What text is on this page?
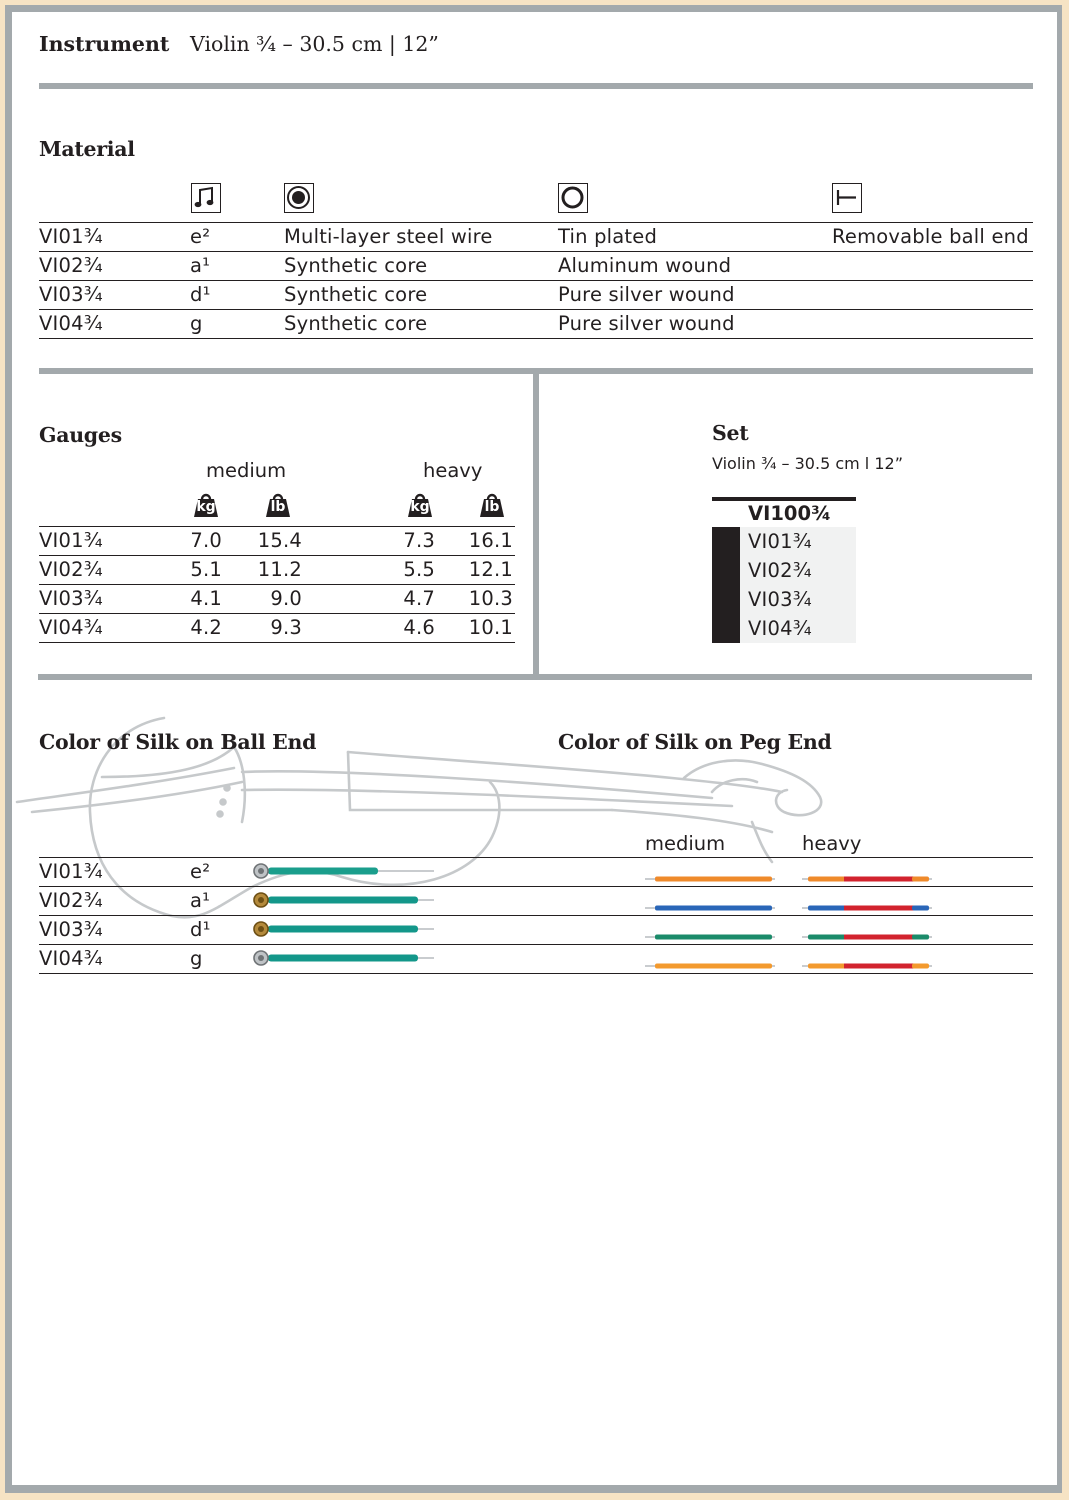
Instrument Violin ¾ – 30.5 cm | 12”
Material
VI01¾	e²	Multi-layer steel wire	Tin plated	Removable ball end
VI02¾	a¹	Synthetic core	Aluminum wound
VI03¾	d¹	Synthetic core	Pure silver wound
VI04¾	g	Synthetic core	Pure silver wound
Gauges
medium	heavy
kg	lb	kg	lb
VI01¾	7.0	15.4	7.3	16.1
VI02¾	5.1	11.2	5.5	12.1
VI03¾	4.1	9.0	4.7	10.3
VI04¾	4.2	9.3	4.6	10.1
Set
Violin ¾ – 30.5 cm l 12”
VI100¾
VI01¾
VI02¾
VI03¾
VI04¾
Color of Silk on Ball End	Color of Silk on Peg End
medium	heavy
VI01¾	e²
VI02¾	a¹
VI03¾	d¹
VI04¾	g
